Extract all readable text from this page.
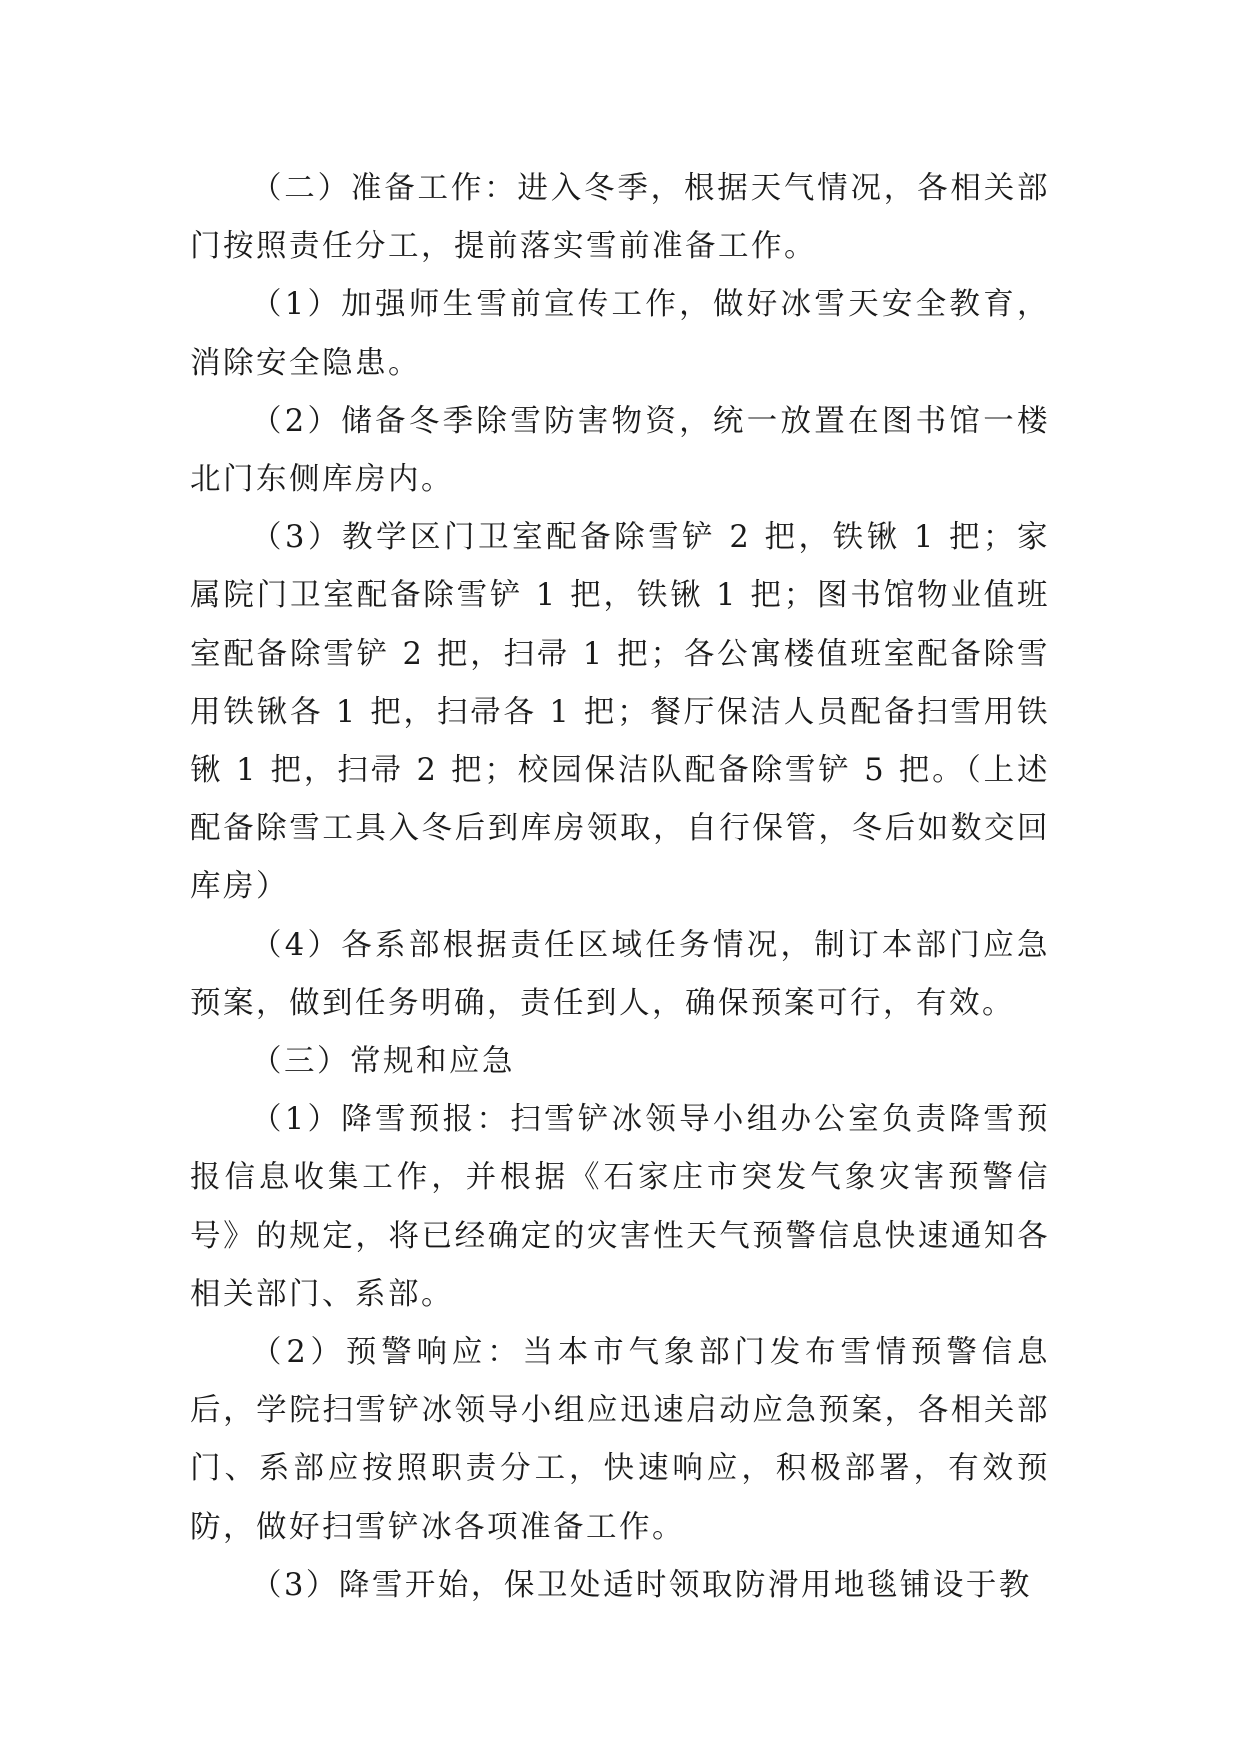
（二）准备工作：进入冬季，根据天气情况，各相关部门按照责任分工，提前落实雪前准备工作。

（1）加强师生雪前宣传工作，做好冰雪天安全教育，消除安全隐患。

（2）储备冬季除雪防害物资，统一放置在图书馆一楼北门东侧库房内。

（3）教学区门卫室配备除雪铲 2 把，铁锹 1 把；家属院门卫室配备除雪铲 1 把，铁锹 1 把；图书馆物业值班室配备除雪铲 2 把，扫帚 1 把；各公寓楼值班室配备除雪用铁锹各 1 把，扫帚各 1 把；餐厅保洁人员配备扫雪用铁锹 1 把，扫帚 2 把；校园保洁队配备除雪铲 5 把。（上述配备除雪工具入冬后到库房领取，自行保管，冬后如数交回库房）

（4）各系部根据责任区域任务情况，制订本部门应急预案，做到任务明确，责任到人，确保预案可行，有效。

（三）常规和应急

（1）降雪预报：扫雪铲冰领导小组办公室负责降雪预报信息收集工作，并根据《石家庄市突发气象灾害预警信号》的规定，将已经确定的灾害性天气预警信息快速通知各相关部门、系部。

（2）预警响应：当本市气象部门发布雪情预警信息后，学院扫雪铲冰领导小组应迅速启动应急预案，各相关部门、系部应按照职责分工，快速响应，积极部署，有效预防，做好扫雪铲冰各项准备工作。

（3）降雪开始，保卫处适时领取防滑用地毯铺设于教
